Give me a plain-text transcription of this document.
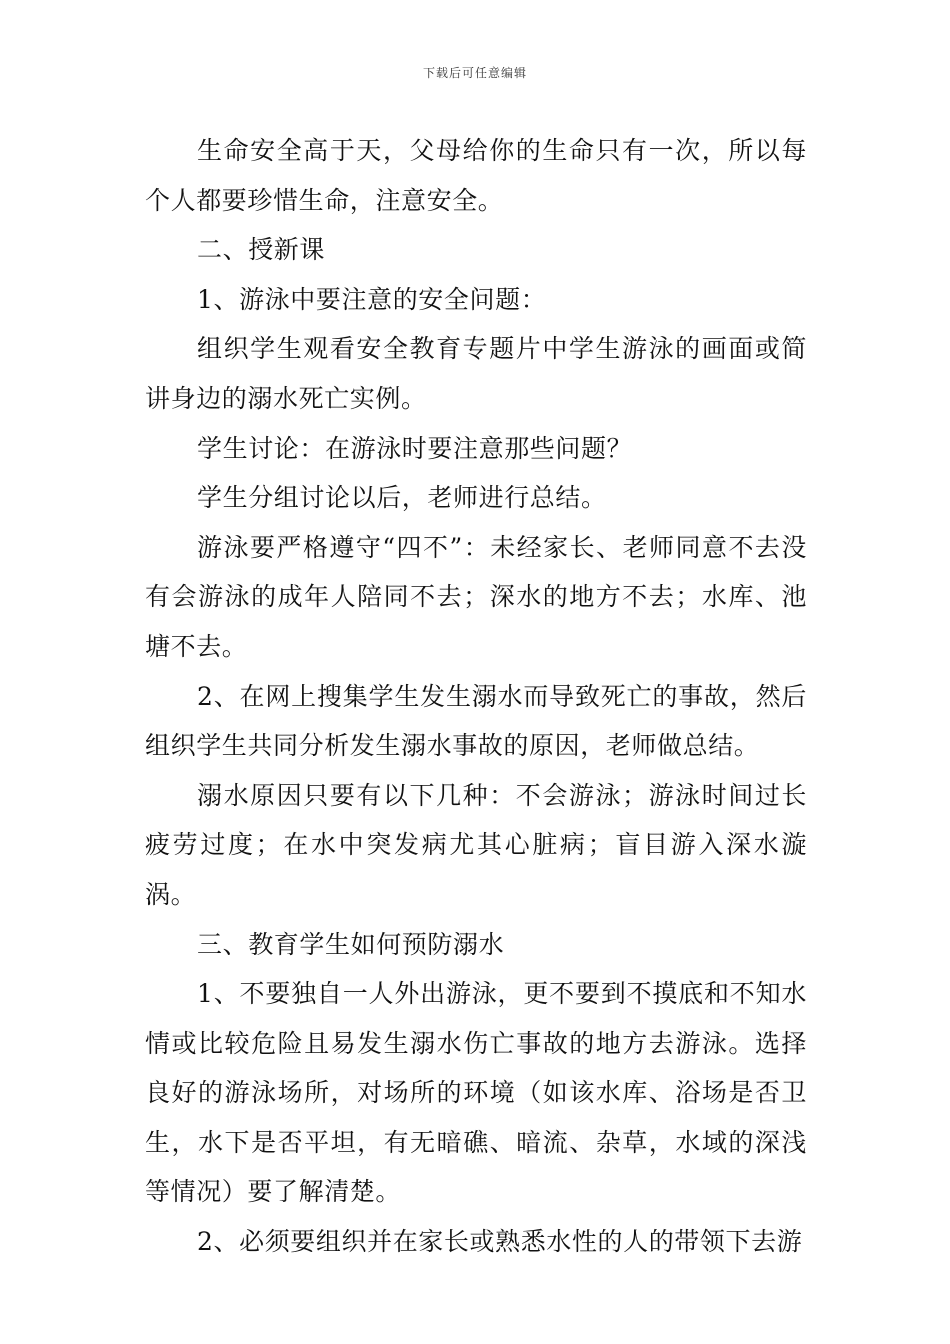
下载后可任意编辑

生命安全高于天，父母给你的生命只有一次，所以每个人都要珍惜生命，注意安全。

二、授新课

1、游泳中要注意的安全问题：

组织学生观看安全教育专题片中学生游泳的画面或简讲身边的溺水死亡实例。

学生讨论：在游泳时要注意那些问题？

学生分组讨论以后，老师进行总结。

游泳要严格遵守“四不”：未经家长、老师同意不去没有会游泳的成年人陪同不去；深水的地方不去；水库、池塘不去。

2、在网上搜集学生发生溺水而导致死亡的事故，然后组织学生共同分析发生溺水事故的原因，老师做总结。

溺水原因只要有以下几种：不会游泳；游泳时间过长疲劳过度；在水中突发病尤其心脏病；盲目游入深水漩涡。

三、教育学生如何预防溺水

1、不要独自一人外出游泳，更不要到不摸底和不知水情或比较危险且易发生溺水伤亡事故的地方去游泳。选择良好的游泳场所，对场所的环境（如该水库、浴场是否卫生，水下是否平坦，有无暗礁、暗流、杂草，水域的深浅等情况）要了解清楚。

2、必须要组织并在家长或熟悉水性的人的带领下去游
